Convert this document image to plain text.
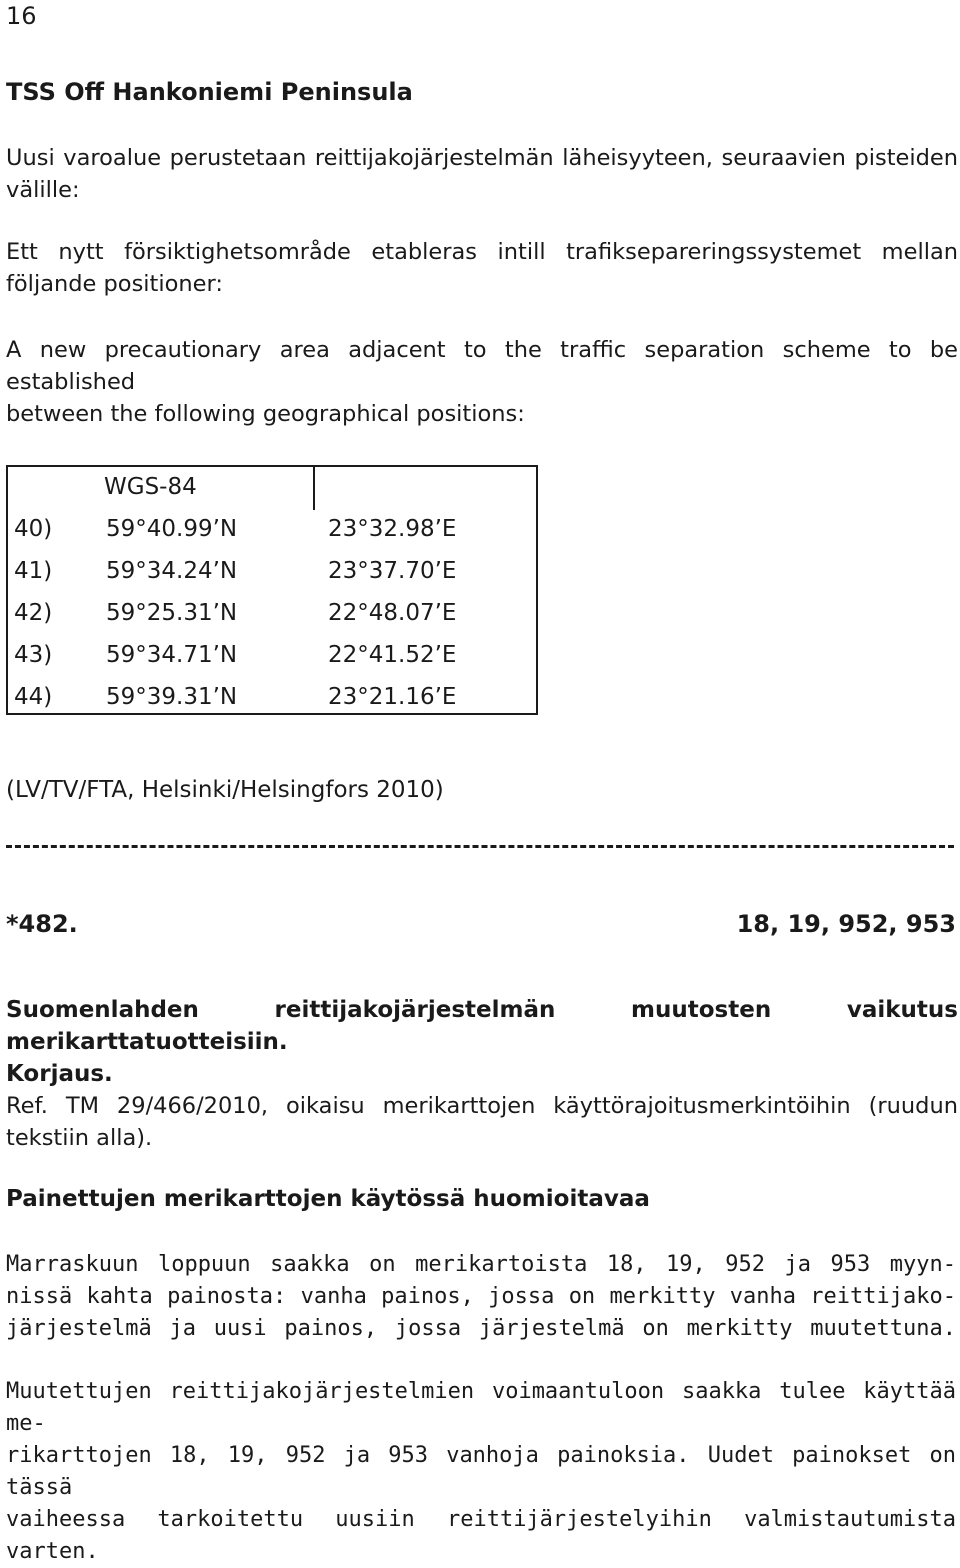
16
TSS Off Hankoniemi Peninsula
Uusi varoalue perustetaan reittijakojärjestelmän läheisyyteen, seuraavien pisteiden
välille:
Ett nytt försiktighetsområde etableras intill trafiksepareringssystemet mellan
följande positioner:
A new precautionary area adjacent to the traffic separation scheme to be established
between the following geographical positions:
WGS-84
40) 59°40.99’N	23°32.98’E
41) 59°34.24’N	23°37.70’E
42) 59°25.31’N	22°48.07’E
43) 59°34.71’N	22°41.52’E
44) 59°39.31’N	23°21.16’E
(LV/TV/FTA, Helsinki/Helsingfors 2010)
*482.	18, 19, 952, 953
Suomenlahden reittijakojärjestelmän muutosten vaikutus merikarttatuotteisiin.
Korjaus.
Ref. TM 29/466/2010, oikaisu merikarttojen käyttörajoitusmerkintöihin (ruudun
tekstiin alla).
Painettujen merikarttojen käytössä huomioitavaa
Marraskuun loppuun saakka on merikartoista 18, 19, 952 ja 953 myyn-
nissä kahta painosta: vanha painos, jossa on merkitty vanha reittijako-
järjestelmä ja uusi painos, jossa järjestelmä on merkitty muutettuna.
Muutettujen reittijakojärjestelmien voimaantuloon saakka tulee käyttää me-
rikarttojen 18, 19, 952 ja 953 vanhoja painoksia. Uudet painokset on tässä
vaiheessa tarkoitettu uusiin reittijärjestelyihin valmistautumista varten.
